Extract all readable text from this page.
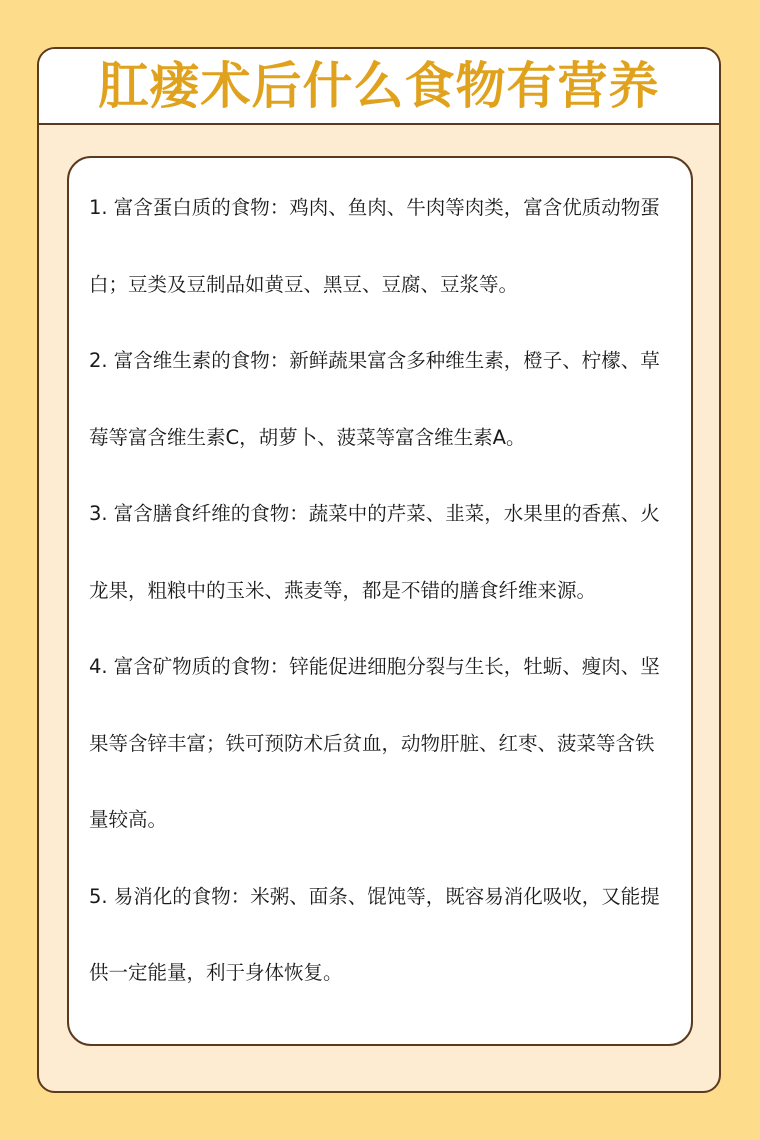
肛瘘术后什么食物有营养

1. 富含蛋白质的食物：鸡肉、鱼肉、牛肉等肉类，富含优质动物蛋白；豆类及豆制品如黄豆、黑豆、豆腐、豆浆等。

2. 富含维生素的食物：新鲜蔬果富含多种维生素，橙子、柠檬、草莓等富含维生素C，胡萝卜、菠菜等富含维生素A。

3. 富含膳食纤维的食物：蔬菜中的芹菜、韭菜，水果里的香蕉、火龙果，粗粮中的玉米、燕麦等，都是不错的膳食纤维来源。

4. 富含矿物质的食物：锌能促进细胞分裂与生长，牡蛎、瘦肉、坚果等含锌丰富；铁可预防术后贫血，动物肝脏、红枣、菠菜等含铁量较高。

5. 易消化的食物：米粥、面条、馄饨等，既容易消化吸收，又能提供一定能量，利于身体恢复。
